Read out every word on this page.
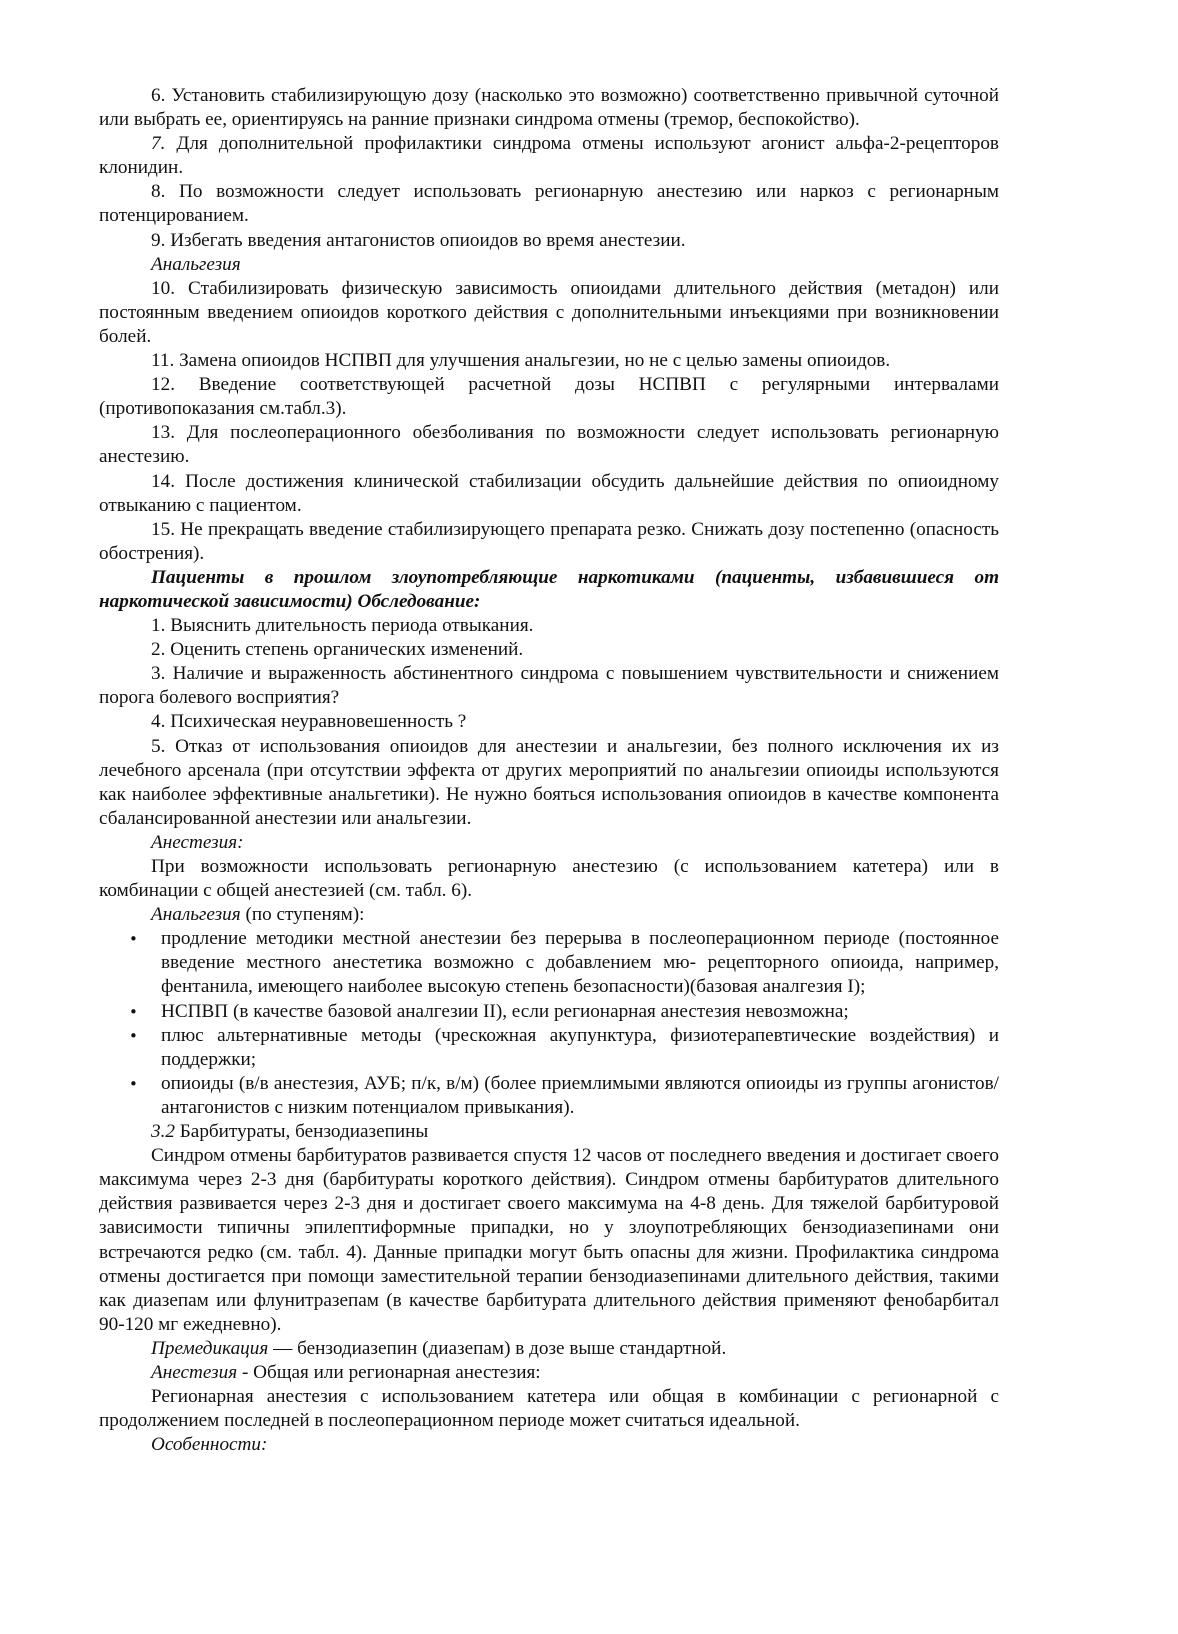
6. Установить стабилизирующую дозу (насколько это возможно) соответственно привычной суточной или выбрать ее, ориентируясь на ранние признаки синдрома отмены (тремор, беспокойство).

7. Для дополнительной профилактики синдрома отмены используют агонист альфа-2-рецепторов клонидин.

8. По возможности следует использовать регионарную анестезию или наркоз с регионарным потенцированием.

9. Избегать введения антагонистов опиоидов во время анестезии.

Анальгезия

10. Стабилизировать физическую зависимость опиоидами длительного действия (метадон) или постоянным введением опиоидов короткого действия с дополнительными инъекциями при возникновении болей.

11. Замена опиоидов НСПВП для улучшения анальгезии, но не с целью замены опиоидов.

12. Введение соответствующей расчетной дозы НСПВП с регулярными интервалами (противопоказания см.табл.3).

13. Для послеоперационного обезболивания по возможности следует использовать регионарную анестезию.

14. После достижения клинической стабилизации обсудить дальнейшие действия по опиоидному отвыканию с пациентом.

15. Не прекращать введение стабилизирующего препарата резко. Снижать дозу постепенно (опасность обострения).

Пациенты в прошлом злоупотребляющие наркотиками (пациенты, избавившиеся от наркотической зависимости) Обследование:

1. Выяснить длительность периода отвыкания.

2. Оценить степень органических изменений.

3. Наличие и выраженность абстинентного синдрома с повышением чувствительности и снижением порога болевого восприятия?

4. Психическая неуравновешенность ?

5. Отказ от использования опиоидов для анестезии и анальгезии, без полного исключения их из лечебного арсенала (при отсутствии эффекта от других мероприятий по анальгезии опиоиды используются как наиболее эффективные анальгетики). Не нужно бояться использования опиоидов в качестве компонента сбалансированной анестезии или анальгезии.

Анестезия:

При возможности использовать регионарную анестезию (с использованием катетера) или в комбинации с общей анестезией (см. табл. 6).

Анальгезия (по ступеням):

• продление методики местной анестезии без перерыва в послеоперационном периоде (постоянное введение местного анестетика возможно с добавлением мю- рецепторного опиоида, например, фентанила, имеющего наиболее высокую степень безопасности)(базовая аналгезия I);
• НСПВП (в качестве базовой аналгезии II), если регионарная анестезия невозможна;
• плюс альтернативные методы (чрескожная акупунктура, физиотерапевтические воздействия) и поддержки;
• опиоиды (в/в анестезия, АУБ; п/к, в/м) (более приемлимыми являются опиоиды из группы агонистов/антагонистов с низким потенциалом привыкания).

3.2 Барбитураты, бензодиазепины

Синдром отмены барбитуратов развивается спустя 12 часов от последнего введения и достигает своего максимума через 2-3 дня (барбитураты короткого действия). Синдром отмены барбитуратов длительного действия развивается через 2-3 дня и достигает своего максимума на 4-8 день. Для тяжелой барбитуровой зависимости типичны эпилептиформные припадки, но у злоупотребляющих бензодиазепинами они встречаются редко (см. табл. 4). Данные припадки могут быть опасны для жизни. Профилактика синдрома отмены достигается при помощи заместительной терапии бензодиазепинами длительного действия, такими как диазепам или флунитразепам (в качестве барбитурата длительного действия применяют фенобарбитал 90-120 мг ежедневно).

Премедикация — бензодиазепин (диазепам) в дозе выше стандартной.

Анестезия - Общая или регионарная анестезия:

Регионарная анестезия с использованием катетера или общая в комбинации с регионарной с продолжением последней в послеоперационном периоде может считаться идеальной.

Особенности:
